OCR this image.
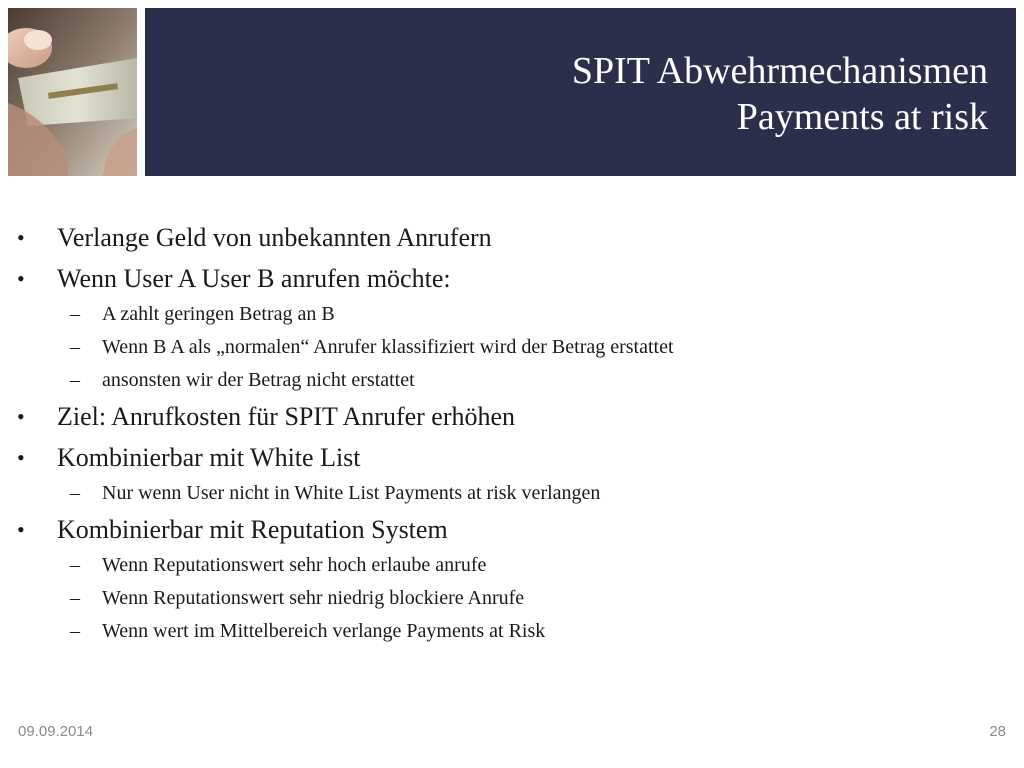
SPIT Abwehrmechanismen
Payments at risk
• Verlange Geld von unbekannten Anrufern
• Wenn User A User B anrufen möchte:
– A zahlt geringen Betrag an B
– Wenn B A als „normalen“ Anrufer klassifiziert wird der Betrag erstattet
– ansonsten wir der Betrag nicht erstattet
• Ziel: Anrufkosten für SPIT Anrufer erhöhen
• Kombinierbar mit White List
– Nur wenn User nicht in White List Payments at risk verlangen
• Kombinierbar mit Reputation System
– Wenn Reputationswert sehr hoch erlaube anrufe
– Wenn Reputationswert sehr niedrig blockiere Anrufe
– Wenn wert im Mittelbereich verlange Payments at Risk
09.09.2014	28
